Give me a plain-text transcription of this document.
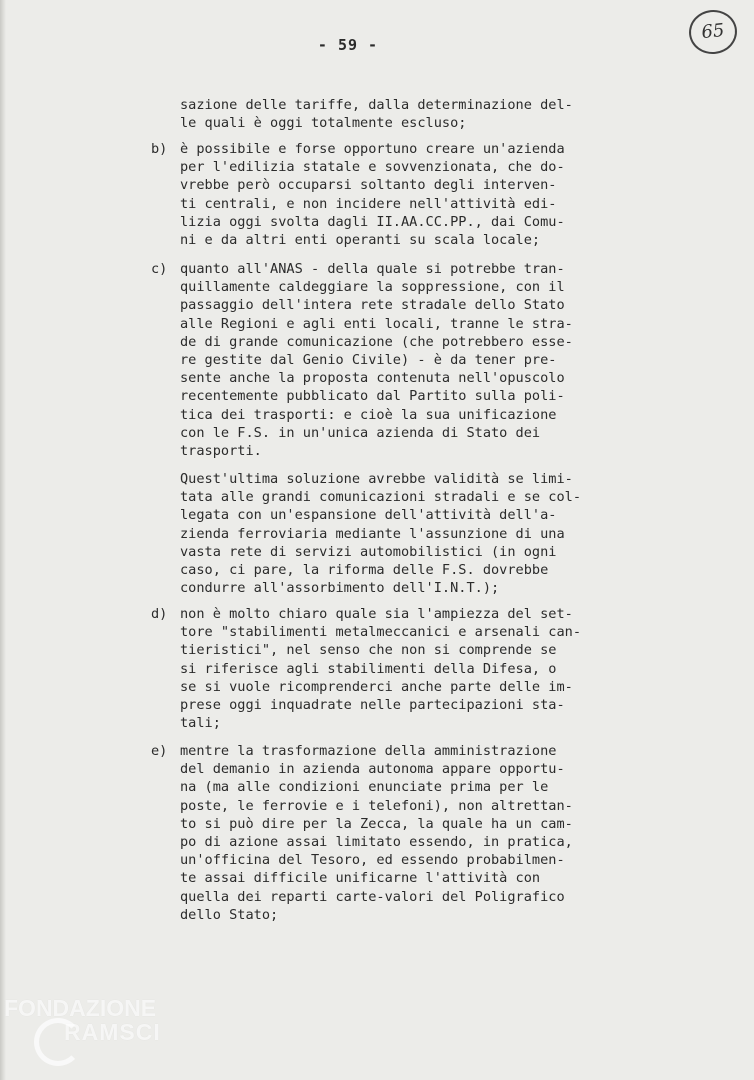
- 59 -
65
sazione delle tariffe, dalla determinazione del-
le quali è oggi totalmente escluso;
b) è possibile e forse opportuno creare un'azienda
per l'edilizia statale e sovvenzionata, che do-
vrebbe però occuparsi soltanto degli interven-
ti centrali, e non incidere nell'attività edi-
lizia oggi svolta dagli II.AA.CC.PP., dai Comu-
ni e da altri enti operanti su scala locale;
c) quanto all'ANAS - della quale si potrebbe tran-
quillamente caldeggiare la soppressione, con il
passaggio dell'intera rete stradale dello Stato
alle Regioni e agli enti locali, tranne le stra-
de di grande comunicazione (che potrebbero esse-
re gestite dal Genio Civile) - è da tener pre-
sente anche la proposta contenuta nell'opuscolo
recentemente pubblicato dal Partito sulla poli-
tica dei trasporti: e cioè la sua unificazione
con le F.S. in un'unica azienda di Stato dei
trasporti.
Quest'ultima soluzione avrebbe validità se limi-
tata alle grandi comunicazioni stradali e se col-
legata con un'espansione dell'attività dell'a-
zienda ferroviaria mediante l'assunzione di una
vasta rete di servizi automobilistici (in ogni
caso, ci pare, la riforma delle F.S. dovrebbe
condurre all'assorbimento dell'I.N.T.);
d) non è molto chiaro quale sia l'ampiezza del set-
tore "stabilimenti metalmeccanici e arsenali can-
tieristici", nel senso che non si comprende se
si riferisce agli stabilimenti della Difesa, o
se si vuole ricomprenderci anche parte delle im-
prese oggi inquadrate nelle partecipazioni sta-
tali;
e) mentre la trasformazione della amministrazione
del demanio in azienda autonoma appare opportu-
na (ma alle condizioni enunciate prima per le
poste, le ferrovie e i telefoni), non altrettan-
to si può dire per la Zecca, la quale ha un cam-
po di azione assai limitato essendo, in pratica,
un'officina del Tesoro, ed essendo probabilmen-
te assai difficile unificarne l'attività con
quella dei reparti carte-valori del Poligrafico
dello Stato;
FONDAZIONE
RAMSCI
